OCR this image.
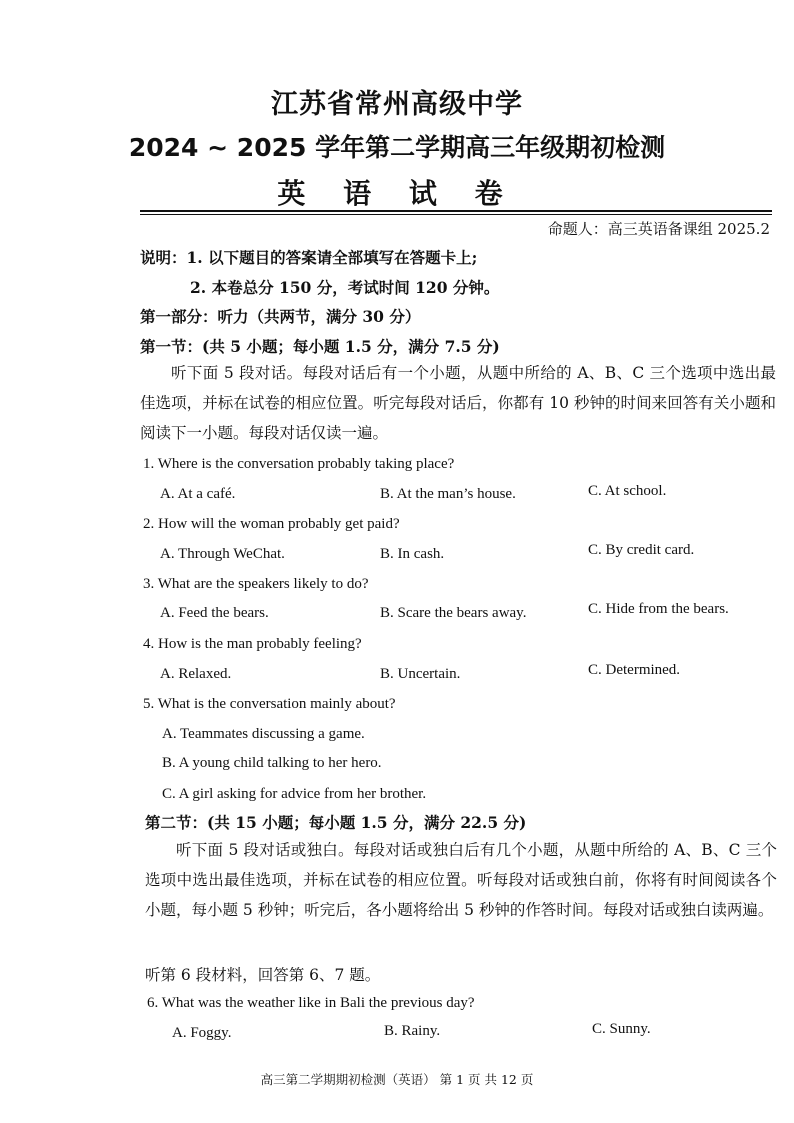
江苏省常州高级中学
2024 ~ 2025 学年第二学期高三年级期初检测
英 语 试 卷
命题人：高三英语备课组 2025.2
说明：1. 以下题目的答案请全部填写在答题卡上;
2. 本卷总分 150 分，考试时间 120 分钟。
第一部分：听力（共两节，满分 30 分）
第一节：(共 5 小题；每小题 1.5 分，满分 7.5 分)
听下面 5 段对话。每段对话后有一个小题，从题中所给的 A、B、C 三个选项中选出最佳选项，并标在试卷的相应位置。听完每段对话后，你都有 10 秒钟的时间来回答有关小题和阅读下一小题。每段对话仅读一遍。
1. Where is the conversation probably taking place?
A. At a café.	B. At the man’s house.	C. At school.
2. How will the woman probably get paid?
A. Through WeChat.	B. In cash.	C. By credit card.
3. What are the speakers likely to do?
A. Feed the bears.	B. Scare the bears away.	C. Hide from the bears.
4. How is the man probably feeling?
A. Relaxed.	B. Uncertain.	C. Determined.
5. What is the conversation mainly about?
A. Teammates discussing a game.
B. A young child talking to her hero.
C. A girl asking for advice from her brother.
第二节：(共 15 小题；每小题 1.5 分，满分 22.5 分)
听下面 5 段对话或独白。每段对话或独白后有几个小题，从题中所给的 A、B、C 三个选项中选出最佳选项，并标在试卷的相应位置。听每段对话或独白前，你将有时间阅读各个小题，每小题 5 秒钟；听完后，各小题将给出 5 秒钟的作答时间。每段对话或独白读两遍。
听第 6 段材料，回答第 6、7 题。
6. What was the weather like in Bali the previous day?
A. Foggy.	B. Rainy.	C. Sunny.
高三第二学期期初检测（英语） 第 1 页 共 12 页
